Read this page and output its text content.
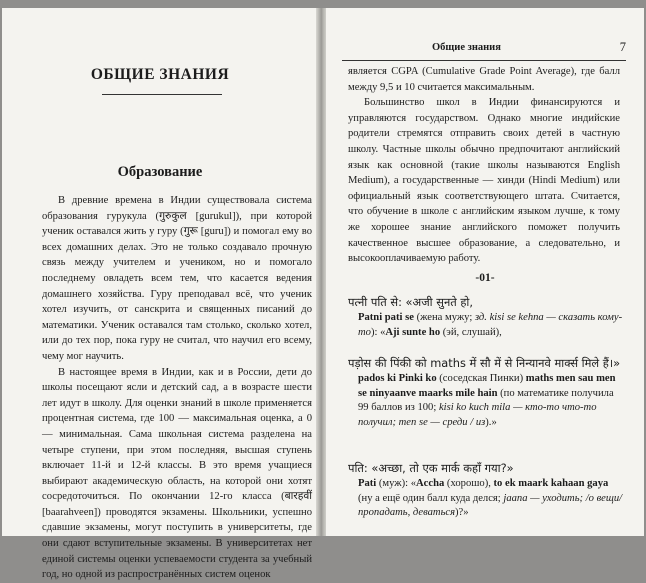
ОБЩИЕ ЗНАНИЯ
Образование

В древние времена в Индии существовала система образования гурукула (गुरुकुल [gurukul]), при которой ученик оставался жить у гуру (गुरू [guru]) и помогал ему во всех домашних делах. Это не только создавало прочную связь между учителем и учеником, но и помогало последнему овладеть всем тем, что касается ведения домашнего хозяйства. Гуру преподавал всё, что ученик хотел изучить, от санскрита и священных писаний до математики. Ученик оставался там столько, сколько хотел, или до тех пор, пока гуру не считал, что научил его всему, чему мог научить.

В настоящее время в Индии, как и в России, дети до школы посещают ясли и детский сад, а в возрасте шести лет идут в школу. Для оценки знаний в школе применяется процентная система, где 100 — максимальная оценка, а 0 — минимальная. Сама школьная система разделена на четыре ступени, при этом последняя, высшая ступень включает 11-й и 12-й классы. В это время учащиеся выбирают академическую область, на которой они хотят сосредоточиться. По окончании 12-го класса (बारहवीं [baarahveen]) проводятся экзамены. Школьники, успешно сдавшие экзамены, могут поступить в университеты, где они сдают вступительные экзамены. В университетах нет единой системы оценки успеваемости студента за учебный год, но одной из распространённых систем оценок

Общие знания	7

является CGPA (Cumulative Grade Point Average), где балл между 9,5 и 10 считается максимальным.

Большинство школ в Индии финансируются и управляются государством. Однако многие индийские родители стремятся отправить своих детей в частную школу. Частные школы обычно предпочитают английский язык как основной (такие школы называются English Medium), а государственные — хинди (Hindi Medium) или официальный язык соответствующего штата. Считается, что обучение в школе с английским языком лучше, к тому же хорошее знание английского поможет получить качественное высшее образование, а следовательно, и высокооплачиваемую работу.

-01-
पत्नी पति से: «अजी सुनते हो,
Patni pati se (жена мужу; зд. kisi se kehna — сказать кому-то): «Aji sunte ho (эй, слушай),
पड़ोस की पिंकी को maths में सौ में से निन्यानवे मार्क्स मिले हैं।»
pados ki Pinki ko (соседская Пинки) maths men sau men se ninyaanve maarks mile hain (по математике получила 99 баллов из 100; kisi ko kuch mila — кто-то что-то получил; men se — среди / из).»
पति: «अच्छा, तो एक मार्क कहाँ गया?»
Pati (муж): «Accha (хорошо), to ek maark kahaan gaya (ну а ещё один балл куда делся; jaana — уходить; /о вещи/ пропадать, деваться)?»
